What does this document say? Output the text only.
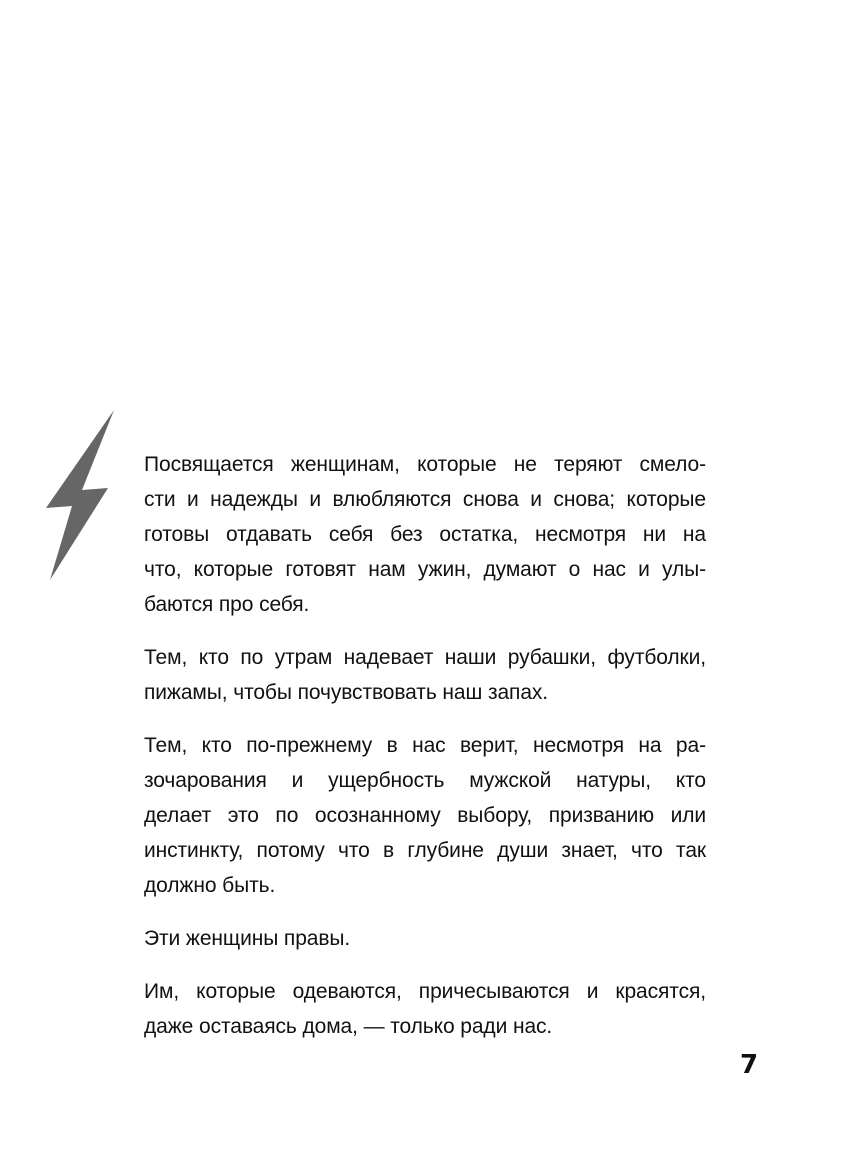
Посвящается женщинам, которые не теряют смело-
сти и надежды и влюбляются снова и снова; которые
готовы отдавать себя без остатка, несмотря ни на
что, которые готовят нам ужин, думают о нас и улы-
баются про себя.

Тем, кто по утрам надевает наши рубашки, футболки,
пижамы, чтобы почувствовать наш запах.

Тем, кто по-прежнему в нас верит, несмотря на ра-
зочарования и ущербность мужской натуры, кто
делает это по осознанному выбору, призванию или
инстинкту, потому что в глубине души знает, что так
должно быть.

Эти женщины правы.

Им, которые одеваются, причесываются и красятся,
даже оставаясь дома, — только ради нас.

7
